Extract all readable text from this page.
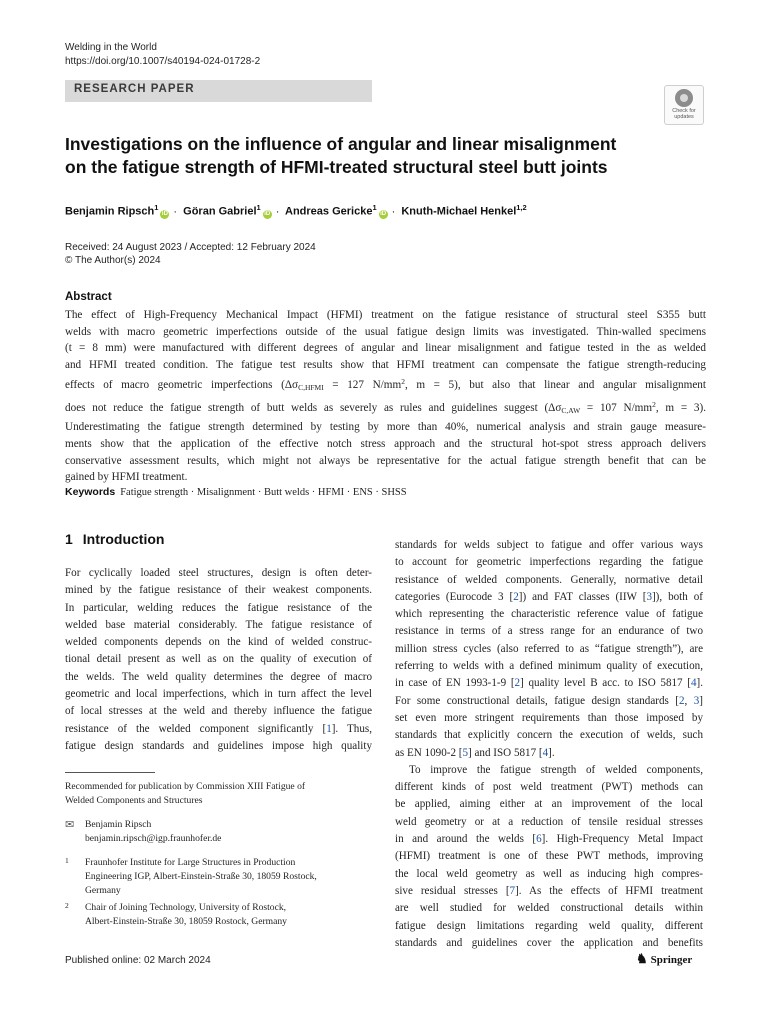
Welding in the World
https://doi.org/10.1007/s40194-024-01728-2
RESEARCH PAPER
Check for
updates
Investigations on the influence of angular and linear misalignment
on the fatigue strength of HFMI-treated structural steel butt joints
Benjamin Ripsch$^1$iD · Göran Gabriel$^1$iD · Andreas Gericke$^1$iD · Knuth-Michael Henkel$^{1,2}$
Received: 24 August 2023 / Accepted: 12 February 2024
© The Author(s) 2024
Abstract
The effect of High-Frequency Mechanical Impact (HFMI) treatment on the fatigue resistance of structural steel S355 butt
welds with macro geometric imperfections outside of the usual fatigue design limits was investigated. Thin-walled specimens
(t = 8 mm) were manufactured with different degrees of angular and linear misalignment and fatigue tested in the as welded
and HFMI treated condition. The fatigue test results show that HFMI treatment can compensate the fatigue strength-reducing
effects of macro geometric imperfections ($\Delta\sigma_{C,HFMI} = 127$ $N/mm^2$, m = 5), but also that linear and angular misalignment
does not reduce the fatigue strength of butt welds as severely as rules and guidelines suggest ($\Delta\sigma_{C,AW} = 107$ $N/mm^2$, m = 3).
Underestimating the fatigue strength determined by testing by more than 40%, numerical analysis and strain gauge measure-
ments show that the application of the effective notch stress approach and the structural hot-spot stress approach delivers
conservative assessment results, which might not always be representative for the actual fatigue strength benefit that can be
gained by HFMI treatment.
Keywords Fatigue strength · Misalignment · Butt welds · HFMI · ENS · SHSS
1 Introduction
For cyclically loaded steel structures, design is often deter-
mined by the fatigue resistance of their weakest components.
In particular, welding reduces the fatigue resistance of the
welded base material considerably. The fatigue resistance of
welded components depends on the kind of welded construc-
tional detail present as well as on the quality of execution of
the welds. The weld quality determines the degree of macro
geometric and local imperfections, which in turn affect the level
of local stresses at the weld and thereby influence the fatigue
resistance of the welded component significantly [1]. Thus,
fatigue design standards and guidelines impose high quality
standards for welds subject to fatigue and offer various ways
to account for geometric imperfections regarding the fatigue
resistance of welded components. Generally, normative detail
categories (Eurocode 3 [2]) and FAT classes (IIW [3]), both of
which representing the characteristic reference value of fatigue
resistance in terms of a stress range for an endurance of two
million stress cycles (also referred to as “fatigue strength”), are
referring to welds with a defined minimum quality of execution,
in case of EN 1993-1-9 [2] quality level B acc. to ISO 5817 [4].
For some constructional details, fatigue design standards [2, 3]
set even more stringent requirements than those imposed by
standards that explicitly concern the execution of welds, such
as EN 1090-2 [5] and ISO 5817 [4].
To improve the fatigue strength of welded components,
different kinds of post weld treatment (PWT) methods can
be applied, aiming either at an improvement of the local
weld geometry or at a reduction of tensile residual stresses
in and around the welds [6]. High-Frequency Metal Impact
(HFMI) treatment is one of these PWT methods, improving
the local weld geometry as well as inducing high compres-
sive residual stresses [7]. As the effects of HFMI treatment
are well studied for welded constructional details within
fatigue design limitations regarding weld quality, different
standards and guidelines cover the application and benefits
Recommended for publication by Commission XIII Fatigue of
Welded Components and Structures
✉ Benjamin Ripsch
benjamin.ripsch@igp.fraunhofer.de
1 Fraunhofer Institute for Large Structures in Production
Engineering IGP, Albert-Einstein-Straße 30, 18059 Rostock,
Germany
2 Chair of Joining Technology, University of Rostock,
Albert-Einstein-Straße 30, 18059 Rostock, Germany
Published online: 02 March 2024	♞ Springer
